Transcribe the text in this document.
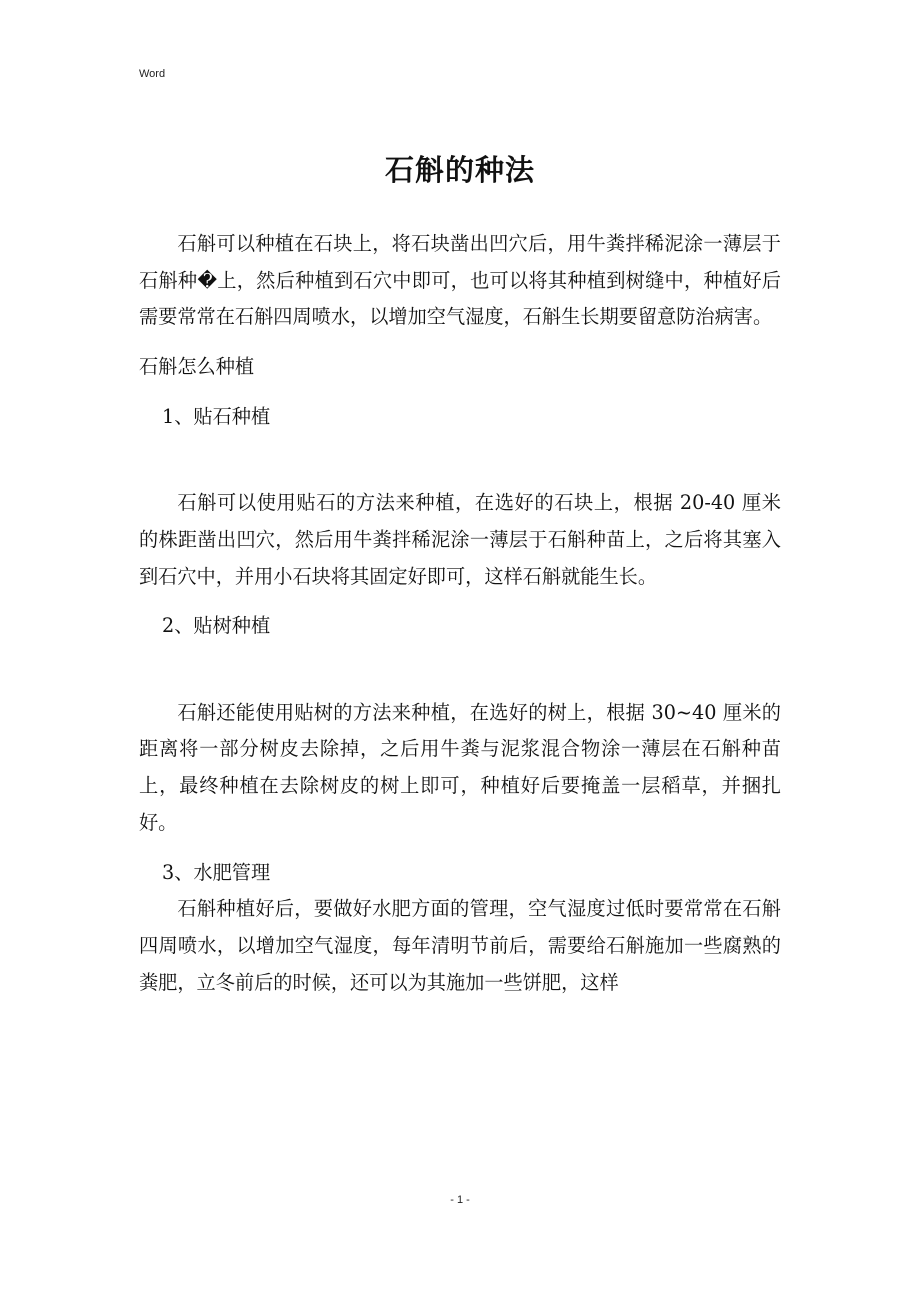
Word
石斛的种法

石斛可以种植在石块上，将石块凿出凹穴后，用牛粪拌稀泥涂一薄层于石斛种�上，然后种植到石穴中即可，也可以将其种植到树缝中，种植好后需要常常在石斛四周喷水，以增加空气湿度，石斛生长期要留意防治病害。

石斛怎么种植

1、贴石种植

石斛可以使用贴石的方法来种植，在选好的石块上，根据 20-40 厘米的株距凿出凹穴，然后用牛粪拌稀泥涂一薄层于石斛种苗上，之后将其塞入到石穴中，并用小石块将其固定好即可，这样石斛就能生长。

2、贴树种植

石斛还能使用贴树的方法来种植，在选好的树上，根据 30~40 厘米的距离将一部分树皮去除掉，之后用牛粪与泥浆混合物涂一薄层在石斛种苗上，最终种植在去除树皮的树上即可，种植好后要掩盖一层稻草，并捆扎好。

3、水肥管理

石斛种植好后，要做好水肥方面的管理，空气湿度过低时要常常在石斛四周喷水，以增加空气湿度，每年清明节前后，需要给石斛施加一些腐熟的粪肥，立冬前后的时候，还可以为其施加一些饼肥，这样

- 1 -
